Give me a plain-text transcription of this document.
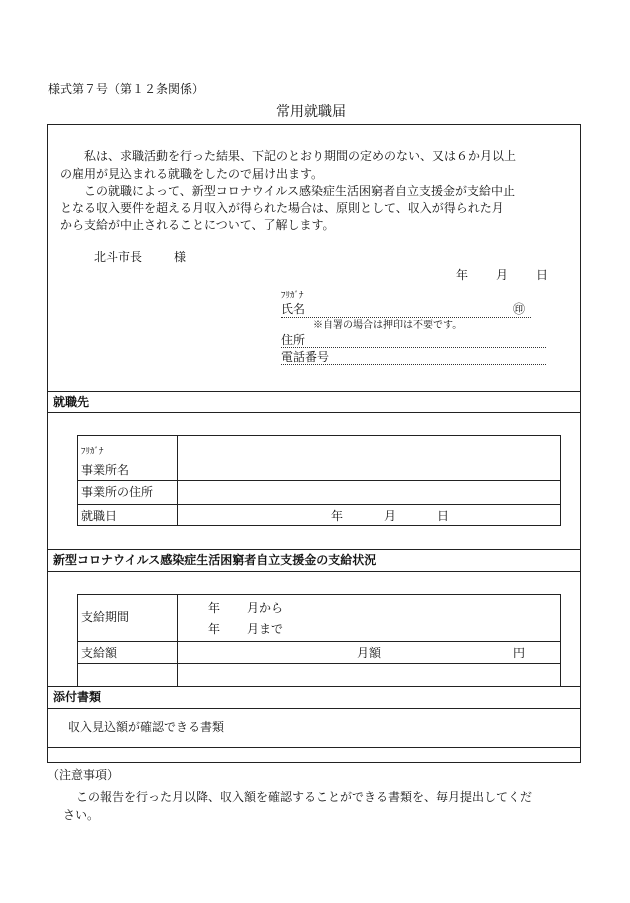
様式第７号（第１２条関係）
常用就職届
私は、求職活動を行った結果、下記のとおり期間の定めのない、又は６か月以上
の雇用が見込まれる就職をしたので届け出ます。
この就職によって、新型コロナウイルス感染症生活困窮者自立支援金が支給中止
となる収入要件を超える月収入が得られた場合は、原則として、収入が得られた月
から支給が中止されることについて、了解します。
北斗市長	様
年 月 日
ﾌﾘｶﾞﾅ
氏名	㊞
※自署の場合は押印は不要です。
住所
電話番号
就職先
ﾌﾘｶﾞﾅ
事業所名
事業所の住所
就職日	年	月	日
新型コロナウイルス感染症生活困窮者自立支援金の支給状況
支給期間
年 月から
年 月まで
支給額	月額	円
添付書類
収入見込額が確認できる書類
（注意事項）
この報告を行った月以降、収入額を確認することができる書類を、毎月提出してくだ
さい。
